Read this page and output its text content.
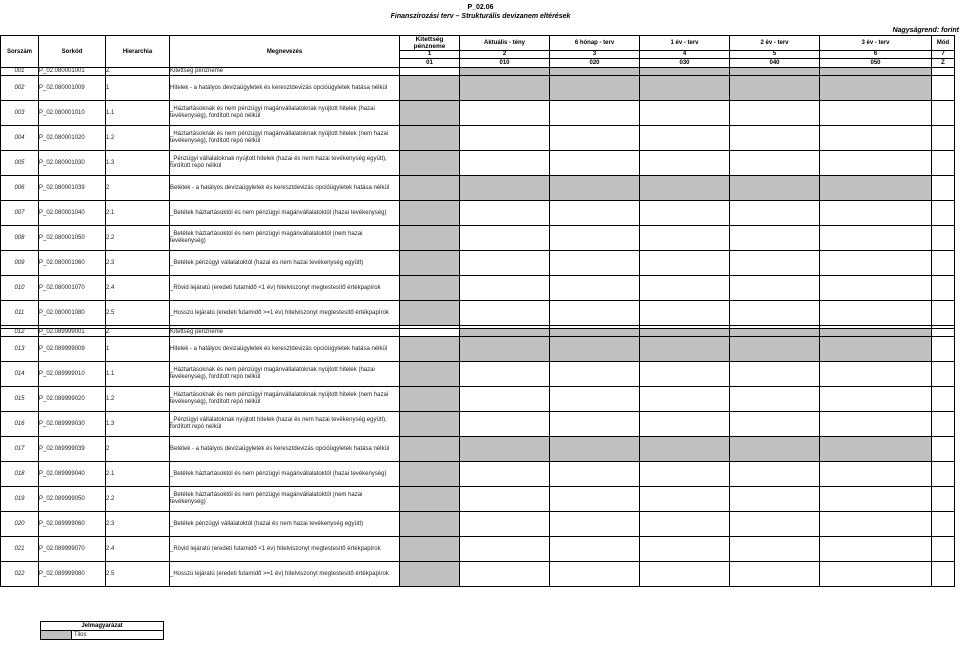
P_02.06
Finanszírozási terv – Strukturális devizanem eltérések
Nagyságrend: forint
Sorszám	Sorkód	Hierarchia	Megnevezés	Kitettség pénzneme	Aktuális - tény	6 hónap - terv	1 év - terv	2 év - terv	3 év - terv	Mód
				1	2	3	4	5	6	7
				01	010	020	030	040	050	Z
001	P_02.080001001	Z	Kitettség pénzneme							
002	P_02.080001009	1	Hitelek - a hatályos devizaügyletek és keresztdevizás opcióügyletek hatása nélkül							
003	P_02.080001010	1.1	_Háztartásoknak és nem pénzügyi magánvállalatoknak nyújtott hitelek (hazai tevékenység), fordított repó nélkül							
004	P_02.080001020	1.2	_Háztartásoknak és nem pénzügyi magánvállalatoknak nyújtott hitelek (nem hazai tevékenység), fordított repó nélkül							
005	P_02.080001030	1.3	_Pénzügyi vállalatoknak nyújtott hitelek (hazai és nem hazai tevékenység együtt), fordított repó nélkül							
006	P_02.080001039	2	Betétek - a hatályos devizaügyletek és keresztdevizás opcióügyletek hatása nélkül							
007	P_02.080001040	2.1	_Betétek háztartásoktól és nem pénzügyi magánvállalatoktól (hazai tevékenység)							
008	P_02.080001050	2.2	_Betétek háztartásoktól és nem pénzügyi magánvállalatoktól (nem hazai tevékenység)							
009	P_02.080001060	2.3	_Betétek pénzügyi vállalatoktól (hazai és nem hazai tevékenység együtt)							
010	P_02.080001070	2.4	_Rövid lejáratú (eredeti futamidő <1 év) hitelviszonyt megtestesítő értékpapírok							
011	P_02.080001080	2.5	_Hosszú lejáratú (eredeti futamidő >=1 év) hitelviszonyt megtestesítő értékpapírok							

012	P_02.089999001	Z	Kitettség pénzneme							
013	P_02.089999009	1	Hitelek - a hatályos devizaügyletek és keresztdevizás opcióügyletek hatása nélkül							
014	P_02.089999010	1.1	_Háztartásoknak és nem pénzügyi magánvállalatoknak nyújtott hitelek (hazai tevékenység), fordított repó nélkül							
015	P_02.089999020	1.2	_Háztartásoknak és nem pénzügyi magánvállalatoknak nyújtott hitelek (nem hazai tevékenység), fordított repó nélkül							
016	P_02.089999030	1.3	_Pénzügyi vállalatoknak nyújtott hitelek (hazai és nem hazai tevékenység együtt), fordított repó nélkül							
017	P_02.089999039	2	Betétek - a hatályos devizaügyletek és keresztdevizás opcióügyletek hatása nélkül							
018	P_02.089999040	2.1	_Betétek háztartásoktól és nem pénzügyi magánvállalatoktól (hazai tevékenység)							
019	P_02.089999050	2.2	_Betétek háztartásoktól és nem pénzügyi magánvállalatoktól (nem hazai tevékenység)							
020	P_02.089999060	2.3	_Betétek pénzügyi vállalatoktól (hazai és nem hazai tevékenység együtt)							
021	P_02.089999070	2.4	_Rövid lejáratú (eredeti futamidő <1 év) hitelviszonyt megtestesítő értékpapírok							
022	P_02.089999080	2.5	_Hosszú lejáratú (eredeti futamidő >=1 év) hitelviszonyt megtestesítő értékpapírok							
Jelmagyarázat
	Tilos
